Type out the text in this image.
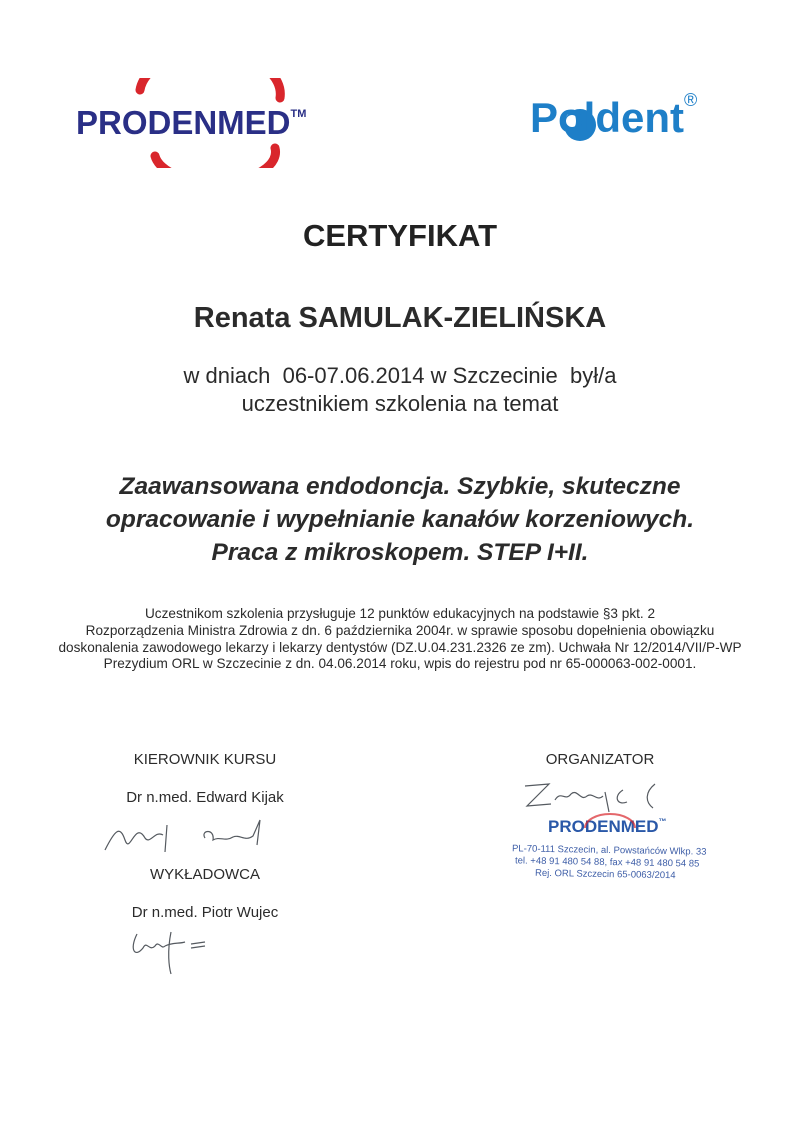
PRODENMED™	Poldent®
CERTYFIKAT
Renata SAMULAK-ZIELIŃSKA
w dniach  06-07.06.2014 w Szczecinie  był/a
uczestnikiem szkolenia na temat
Zaawansowana endodoncja. Szybkie, skuteczne
opracowanie i wypełnianie kanałów korzeniowych.
Praca z mikroskopem. STEP I+II.
Uczestnikom szkolenia przysługuje 12 punktów edukacyjnych na podstawie §3 pkt. 2
Rozporządzenia Ministra Zdrowia z dn. 6 października 2004r. w sprawie sposobu dopełnienia obowiązku
doskonalenia zawodowego lekarzy i lekarzy dentystów (DZ.U.04.231.2326 ze zm). Uchwała Nr 12/2014/VII/P-WP
Prezydium ORL w Szczecinie z dn. 04.06.2014 roku, wpis do rejestru pod nr 65-000063-002-0001.
KIEROWNIK KURSU
Dr n.med. Edward Kijak
WYKŁADOWCA
Dr n.med. Piotr Wujec
ORGANIZATOR
PRODENMED™
PL-70-111 Szczecin, al. Powstańców Wlkp. 33
tel. +48 91 480 54 88, fax +48 91 480 54 85
Rej. ORL Szczecin 65-0063/2014
